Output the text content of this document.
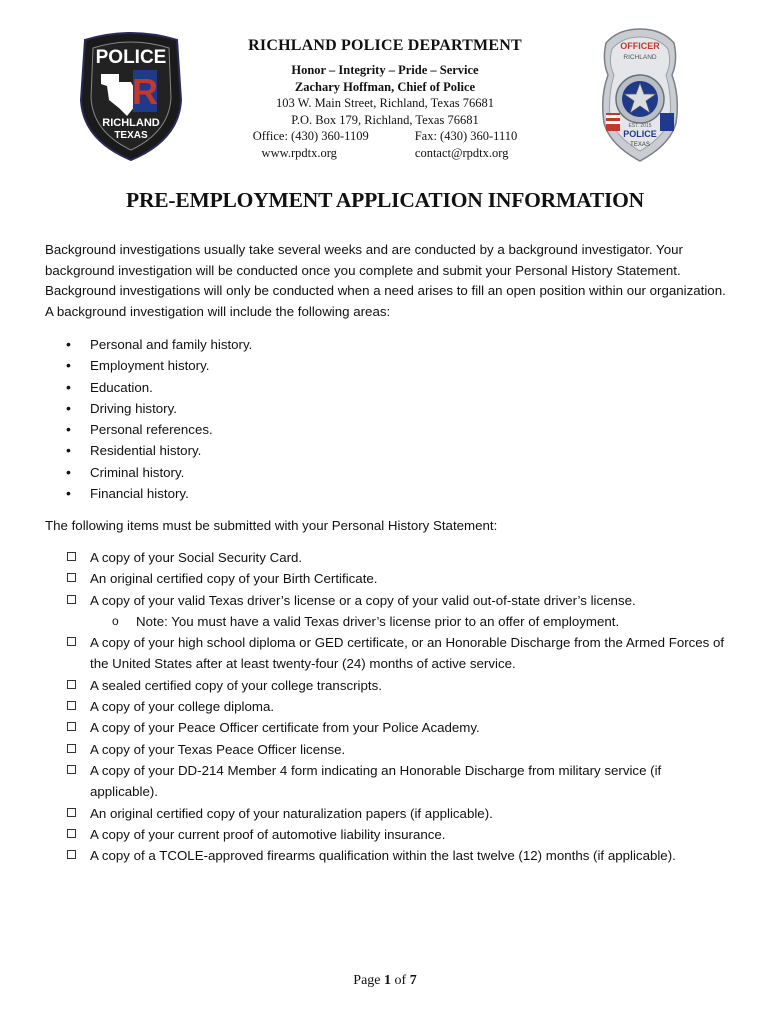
POLICE
R
RICHLAND
TEXAS
OFFICER
RICHLAND
EST. 2015
POLICE
TEXAS
RICHLAND POLICE DEPARTMENT
Honor – Integrity – Pride – Service
Zachary Hoffman, Chief of Police
103 W. Main Street, Richland, Texas 76681
P.O. Box 179, Richland, Texas 76681
Office: (430) 360-1109	Fax: (430) 360-1110
www.rpdtx.org	contact@rpdtx.org
PRE-EMPLOYMENT APPLICATION INFORMATION

Background investigations usually take several weeks and are conducted by a background investigator. Your background investigation will be conducted once you complete and submit your Personal History Statement. Background investigations will only be conducted when a need arises to fill an open position within our organization. A background investigation will include the following areas:

• Personal and family history.
• Employment history.
• Education.
• Driving history.
• Personal references.
• Residential history.
• Criminal history.
• Financial history.

The following items must be submitted with your Personal History Statement:

A copy of your Social Security Card.
An original certified copy of your Birth Certificate.
A copy of your valid Texas driver’s license or a copy of your valid out-of-state driver’s license.
o Note: You must have a valid Texas driver’s license prior to an offer of employment.
A copy of your high school diploma or GED certificate, or an Honorable Discharge from the Armed Forces of the United States after at least twenty-four (24) months of active service.
A sealed certified copy of your college transcripts.
A copy of your college diploma.
A copy of your Peace Officer certificate from your Police Academy.
A copy of your Texas Peace Officer license.
A copy of your DD-214 Member 4 form indicating an Honorable Discharge from military service (if applicable).
An original certified copy of your naturalization papers (if applicable).
A copy of your current proof of automotive liability insurance.
A copy of a TCOLE-approved firearms qualification within the last twelve (12) months (if applicable).
Page 1 of 7
